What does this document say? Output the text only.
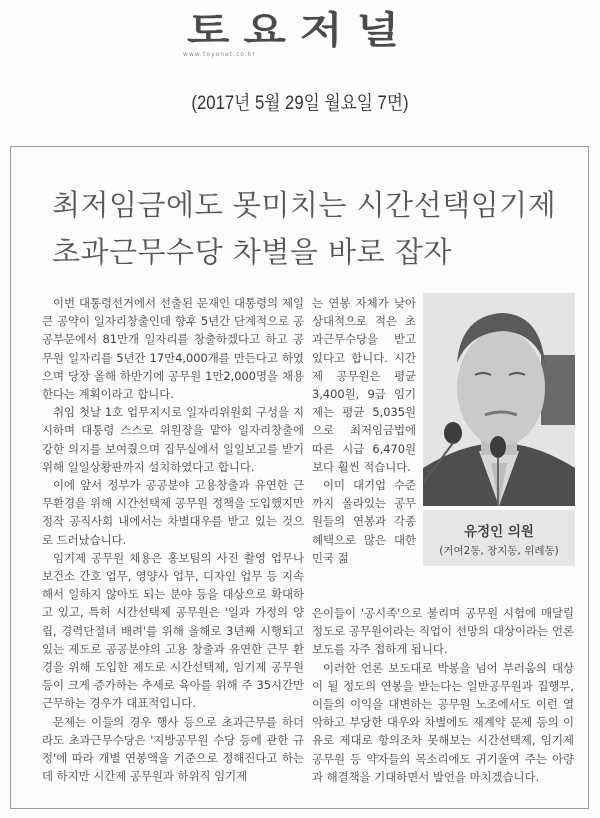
토요저널
www.toyonet.co.kr
(2017년 5월 29일 월요일 7면)
최저임금에도 못미치는 시간선택임기제
초과근무수당 차별을 바로 잡자

이번 대통령선거에서 선출된 문재인 대통령의 제일 큰 공약이 일자리창출인데 향후 5년간 단계적으로 공공부문에서 81만개 일자리를 창출하겠다고 하고 공무원 일자리를 5년간 17만4,000개를 만든다고 하였으며 당장 올해 하반기에 공무원 1만2,000명을 채용한다는 계획이라고 합니다.

취임 첫날 1호 업무지시로 일자리위원회 구성을 지시하며 대통령 스스로 위원장을 맡아 일자리창출에 강한 의지를 보여줬으며 집무실에서 일일보고를 받기위해 일일상황판까지 설치하였다고 합니다.

이에 앞서 정부가 공공분야 고용창출과 유연한 근무환경을 위해 시간선택제 공무원 정책을 도입했지만 정작 공직사회 내에서는 차별대우를 받고 있는 것으로 드러났습니다.

임기제 공무원 채용은 홍보팀의 사진 촬영 업무나 보건소 간호 업무, 영양사 업무, 디자인 업무 등 지속해서 일하지 않아도 되는 분야 등을 대상으로 확대하고 있고, 특히 시간선택제 공무원은 '일과 가정의 양립, 경력단절녀 배려'를 위해 올해로 3년째 시행되고 있는 제도로 공공분야의 고용 창출과 유연한 근무 환경을 위해 도입한 제도로 시간선택제, 임기제 공무원 등이 크게 증가하는 추세로 육아를 위해 주 35시간만 근무하는 경우가 대표적입니다.

문제는 이들의 경우 행사 등으로 초과근무를 하더라도 초과근무수당은 '지방공무원 수당 등에 관한 규정'에 따라 개별 연봉액을 기준으로 정해진다고 하는데 하지만 시간제 공무원과 하위직 임기제

는 연봉 자체가 낮아 상대적으로 적은 초과근무수당을 받고 있다고 합니다. 시간제 공무원은 평균 3,400원, 9급 임기제는 평균 5,035원으로 최저임금법에 따른 시급 6,470원보다 훨씬 적습니다.

이미 대기업 수준까지 올라있는 공무원들의 연봉과 각종 혜택으로 많은 대한민국 젊

유정인 의원
(거여2동, 장지동, 위례동)

은이들이 '공시족'으로 불리며 공무원 시험에 매달릴 정도로 공무원이라는 직업이 선망의 대상이라는 언론 보도를 자주 접하게 됩니다.

이러한 언론 보도대로 박봉을 넘어 부러움의 대상이 될 정도의 연봉을 받는다는 일반공무원과 집행부, 이들의 이익을 대변하는 공무원 노조에서도 이런 열악하고 부당한 대우와 차별에도 재계약 문제 등의 이유로 제대로 항의조차 못해보는 시간선택제, 임기제 공무원 등 약자들의 목소리에도 귀기울여 주는 아량과 해결책을 기대하면서 발언을 마치겠습니다.
